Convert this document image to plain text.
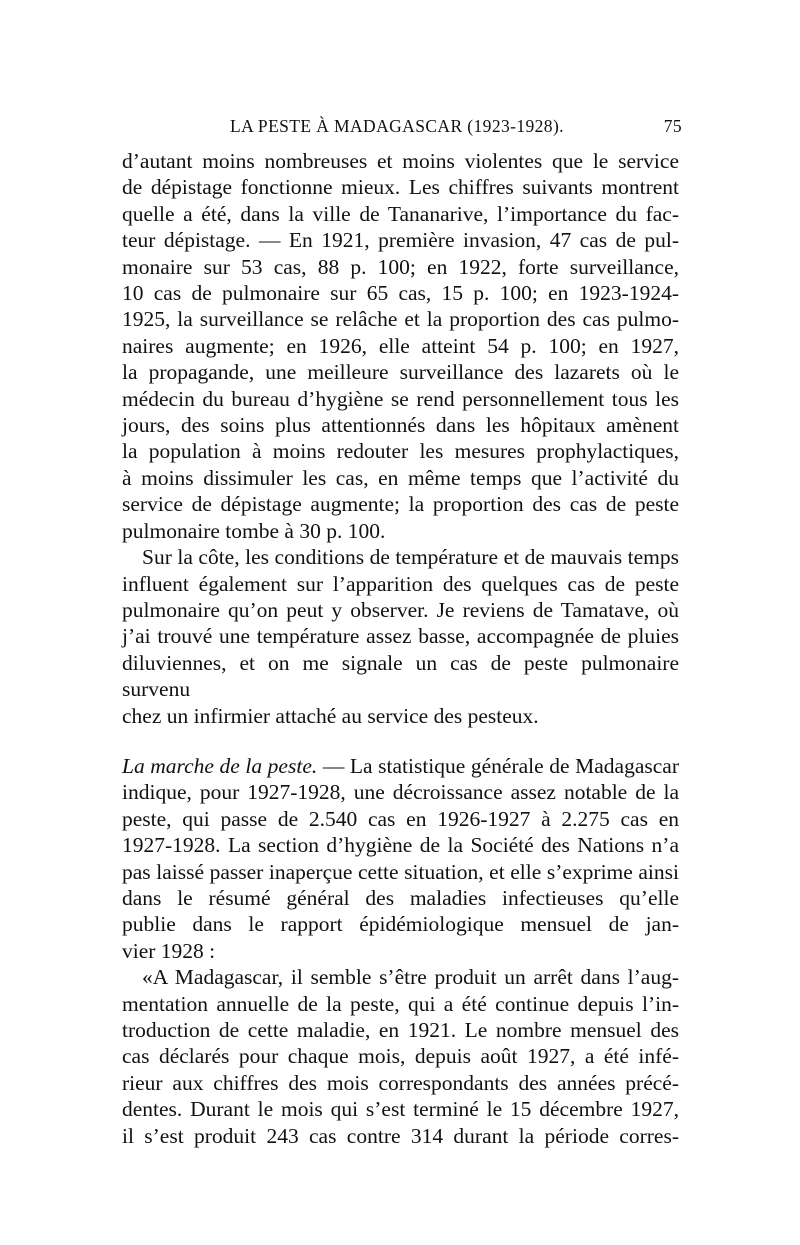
LA PESTE À MADAGASCAR (1923-1928).	75
d’autant moins nombreuses et moins violentes que le service
de dépistage fonctionne mieux. Les chiffres suivants montrent
quelle a été, dans la ville de Tananarive, l’importance du fac-
teur dépistage. — En 1921, première invasion, 47 cas de pul-
monaire sur 53 cas, 88 p. 100; en 1922, forte surveillance,
10 cas de pulmonaire sur 65 cas, 15 p. 100; en 1923-1924-
1925, la surveillance se relâche et la proportion des cas pulmo-
naires augmente; en 1926, elle atteint 54 p. 100; en 1927,
la propagande, une meilleure surveillance des lazarets où le
médecin du bureau d’hygiène se rend personnellement tous les
jours, des soins plus attentionnés dans les hôpitaux amènent
la population à moins redouter les mesures prophylactiques,
à moins dissimuler les cas, en même temps que l’activité du
service de dépistage augmente; la proportion des cas de peste
pulmonaire tombe à 30 p. 100.
Sur la côte, les conditions de température et de mauvais temps
influent également sur l’apparition des quelques cas de peste
pulmonaire qu’on peut y observer. Je reviens de Tamatave, où
j’ai trouvé une température assez basse, accompagnée de pluies
diluviennes, et on me signale un cas de peste pulmonaire survenu
chez un infirmier attaché au service des pesteux.
La marche de la peste. — La statistique générale de Madagascar
indique, pour 1927-1928, une décroissance assez notable de la
peste, qui passe de 2.540 cas en 1926-1927 à 2.275 cas en
1927-1928. La section d’hygiène de la Société des Nations n’a
pas laissé passer inaperçue cette situation, et elle s’exprime ainsi
dans le résumé général des maladies infectieuses qu’elle
publie dans le rapport épidémiologique mensuel de jan-
vier 1928 :
«A Madagascar, il semble s’être produit un arrêt dans l’aug-
mentation annuelle de la peste, qui a été continue depuis l’in-
troduction de cette maladie, en 1921. Le nombre mensuel des
cas déclarés pour chaque mois, depuis août 1927, a été infé-
rieur aux chiffres des mois correspondants des années précé-
dentes. Durant le mois qui s’est terminé le 15 décembre 1927,
il s’est produit 243 cas contre 314 durant la période corres-
